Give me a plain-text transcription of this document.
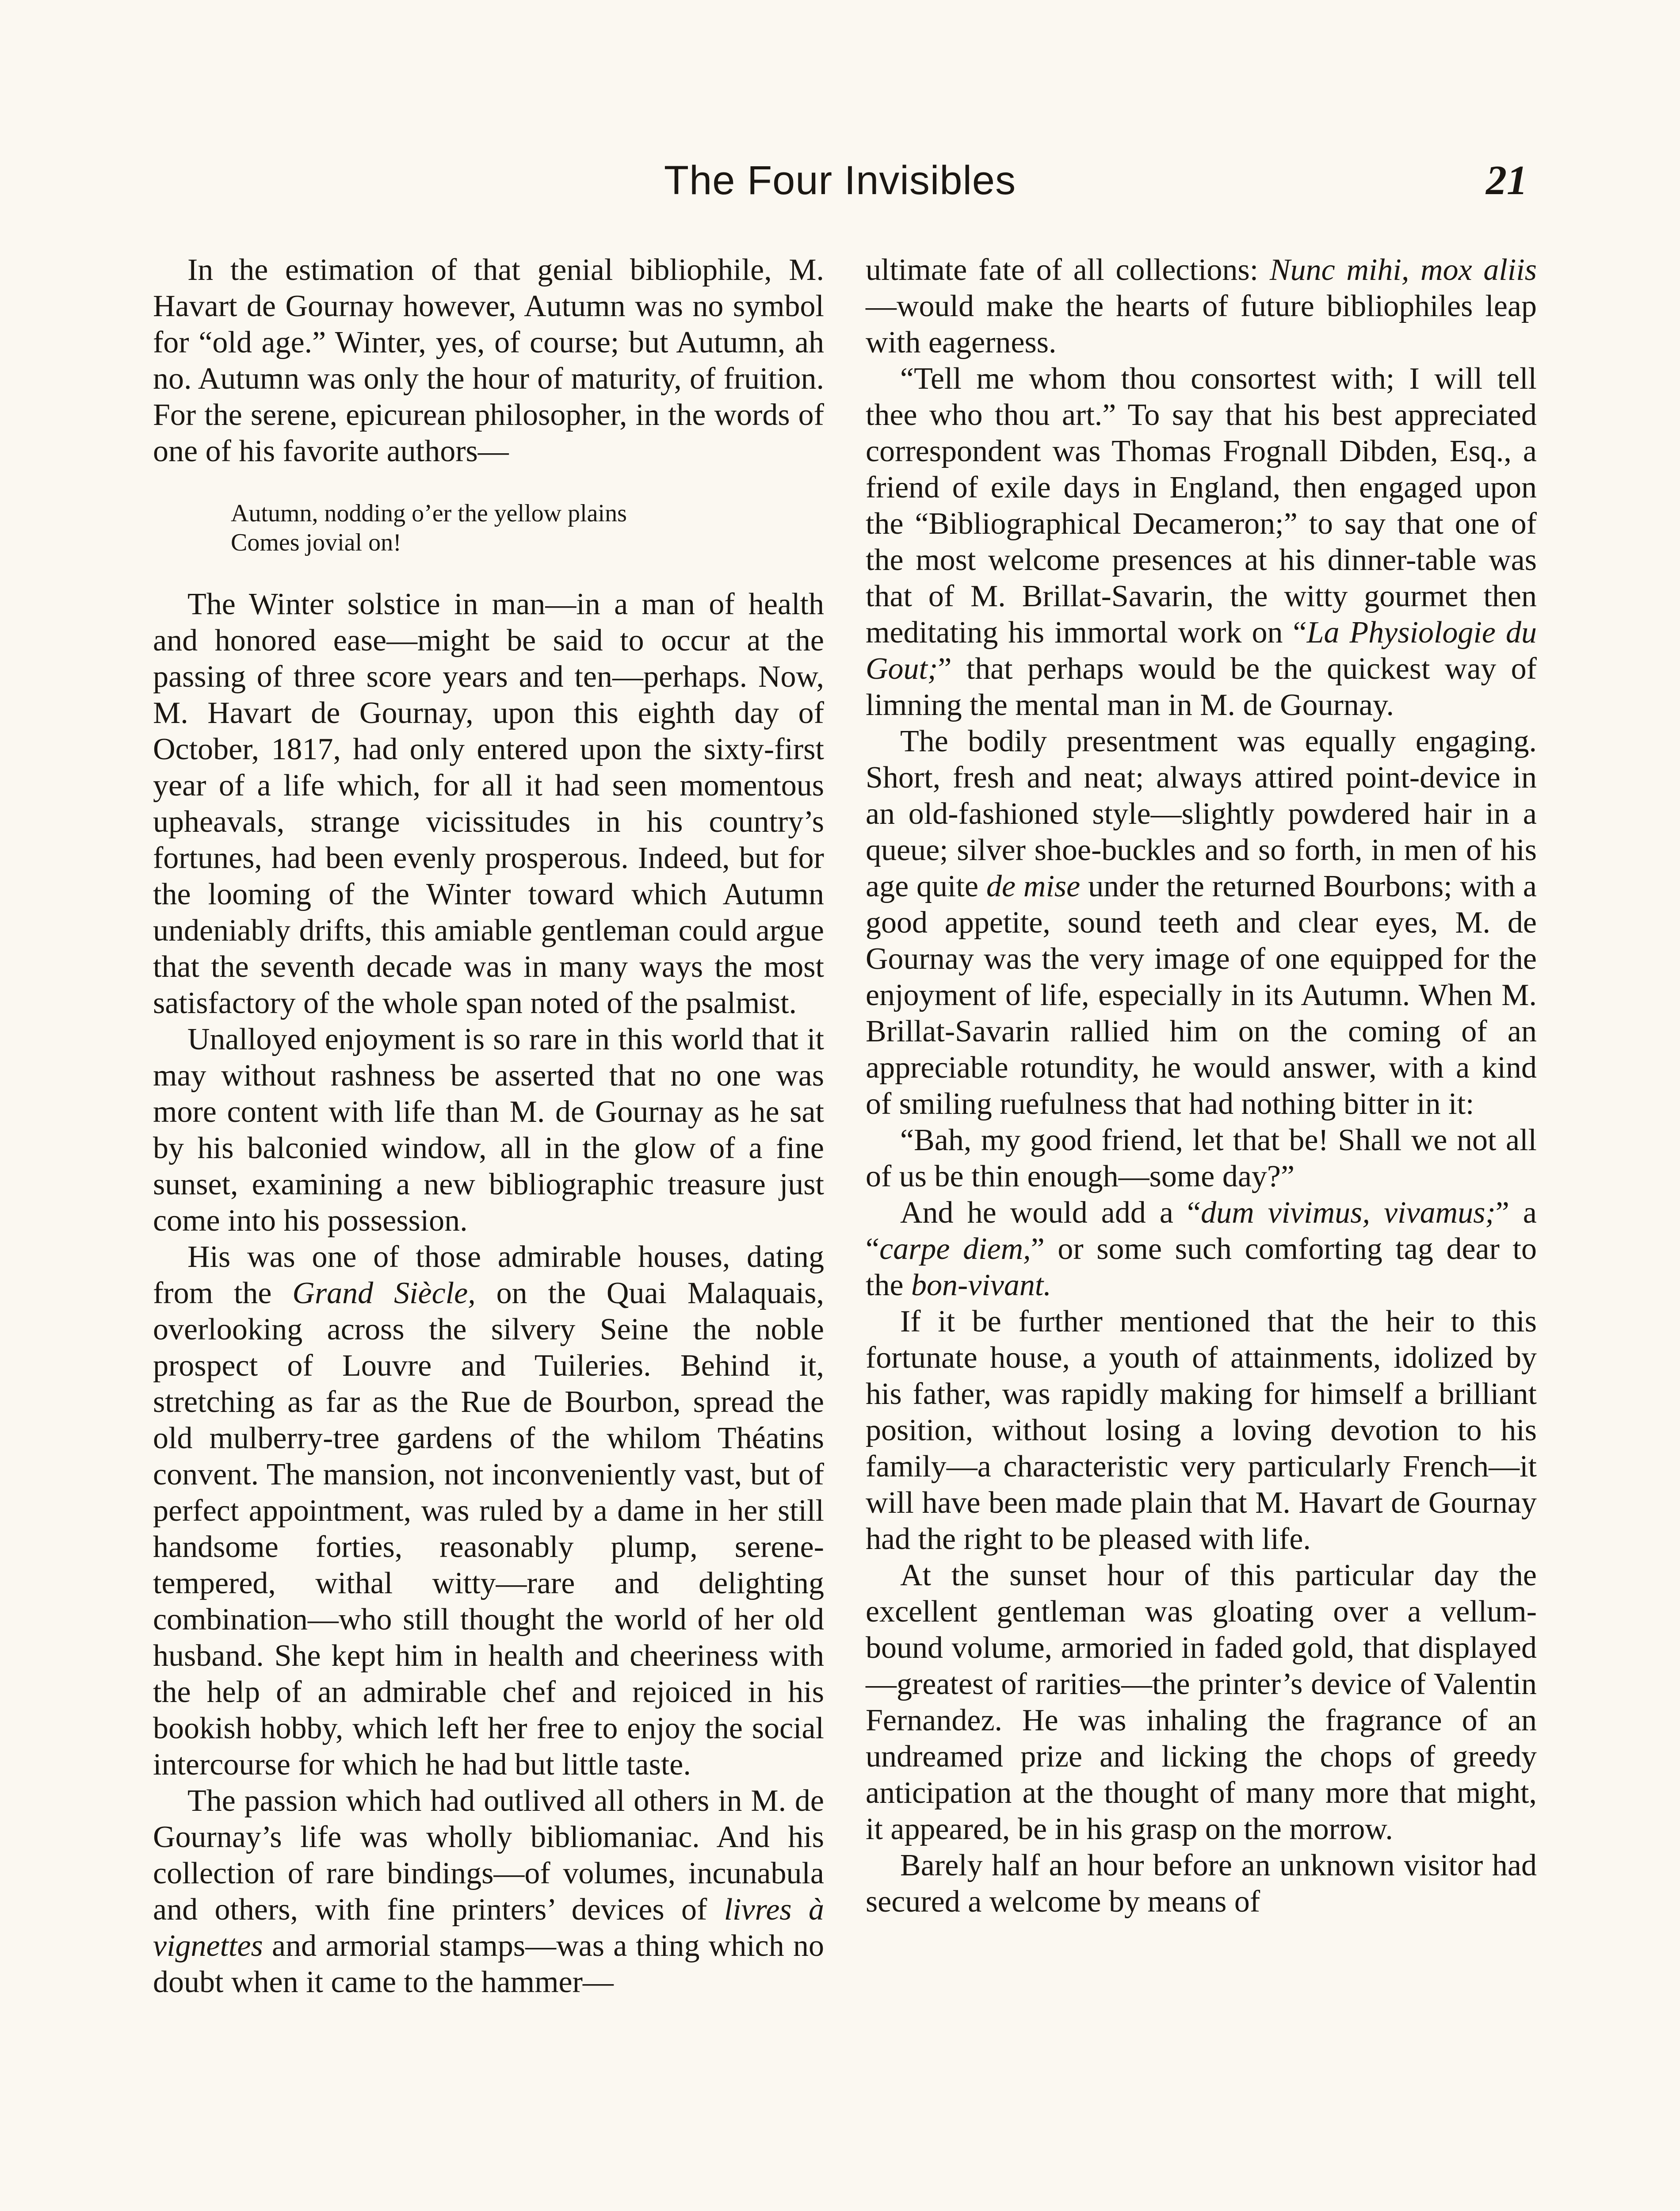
The Four Invisibles	21

In the estimation of that genial bibliophile, M. Havart de Gournay however, Autumn was no symbol for “old age.” Winter, yes, of course; but Autumn, ah no. Autumn was only the hour of maturity, of fruition. For the serene, epicurean philosopher, in the words of one of his favorite authors—

Autumn, nodding o’er the yellow plains
Comes jovial on!

The Winter solstice in man—in a man of health and honored ease—might be said to occur at the passing of three score years and ten—perhaps. Now, M. Havart de Gournay, upon this eighth day of October, 1817, had only entered upon the sixty-first year of a life which, for all it had seen momentous upheavals, strange vicissitudes in his country’s fortunes, had been evenly prosperous. Indeed, but for the looming of the Winter toward which Autumn undeniably drifts, this amiable gentleman could argue that the seventh decade was in many ways the most satisfactory of the whole span noted of the psalmist.

Unalloyed enjoyment is so rare in this world that it may without rashness be asserted that no one was more content with life than M. de Gournay as he sat by his balconied window, all in the glow of a fine sunset, examining a new bibliographic treasure just come into his possession.

His was one of those admirable houses, dating from the Grand Siècle, on the Quai Malaquais, overlooking across the silvery Seine the noble prospect of Louvre and Tuileries. Behind it, stretching as far as the Rue de Bourbon, spread the old mulberry-tree gardens of the whilom Théatins convent. The mansion, not inconveniently vast, but of perfect appointment, was ruled by a dame in her still handsome forties, reasonably plump, serene-tempered, withal witty—rare and delighting combination—who still thought the world of her old husband. She kept him in health and cheeriness with the help of an admirable chef and rejoiced in his bookish hobby, which left her free to enjoy the social intercourse for which he had but little taste.

The passion which had outlived all others in M. de Gournay’s life was wholly bibliomaniac. And his collection of rare bindings—of volumes, incunabula and others, with fine printers’ devices of livres à vignettes and armorial stamps—was a thing which no doubt when it came to the hammer—

ultimate fate of all collections: Nunc mihi, mox aliis—would make the hearts of future bibliophiles leap with eagerness.

“Tell me whom thou consortest with; I will tell thee who thou art.” To say that his best appreciated correspondent was Thomas Frognall Dibden, Esq., a friend of exile days in England, then engaged upon the “Bibliographical Decameron;” to say that one of the most welcome presences at his dinner-table was that of M. Brillat-Savarin, the witty gourmet then meditating his immortal work on “La Physiologie du Gout;” that perhaps would be the quickest way of limning the mental man in M. de Gournay.

The bodily presentment was equally engaging. Short, fresh and neat; always attired point-device in an old-fashioned style—slightly powdered hair in a queue; silver shoe-buckles and so forth, in men of his age quite de mise under the returned Bourbons; with a good appetite, sound teeth and clear eyes, M. de Gournay was the very image of one equipped for the enjoyment of life, especially in its Autumn. When M. Brillat-Savarin rallied him on the coming of an appreciable rotundity, he would answer, with a kind of smiling ruefulness that had nothing bitter in it:

“Bah, my good friend, let that be! Shall we not all of us be thin enough—some day?”

And he would add a “dum vivimus, vivamus;” a “carpe diem,” or some such comforting tag dear to the bon-vivant.

If it be further mentioned that the heir to this fortunate house, a youth of attainments, idolized by his father, was rapidly making for himself a brilliant position, without losing a loving devotion to his family—a characteristic very particularly French—it will have been made plain that M. Havart de Gournay had the right to be pleased with life.

At the sunset hour of this particular day the excellent gentleman was gloating over a vellum-bound volume, armoried in faded gold, that displayed—greatest of rarities—the printer’s device of Valentin Fernandez. He was inhaling the fragrance of an undreamed prize and licking the chops of greedy anticipation at the thought of many more that might, it appeared, be in his grasp on the morrow.

Barely half an hour before an unknown visitor had secured a welcome by means of
